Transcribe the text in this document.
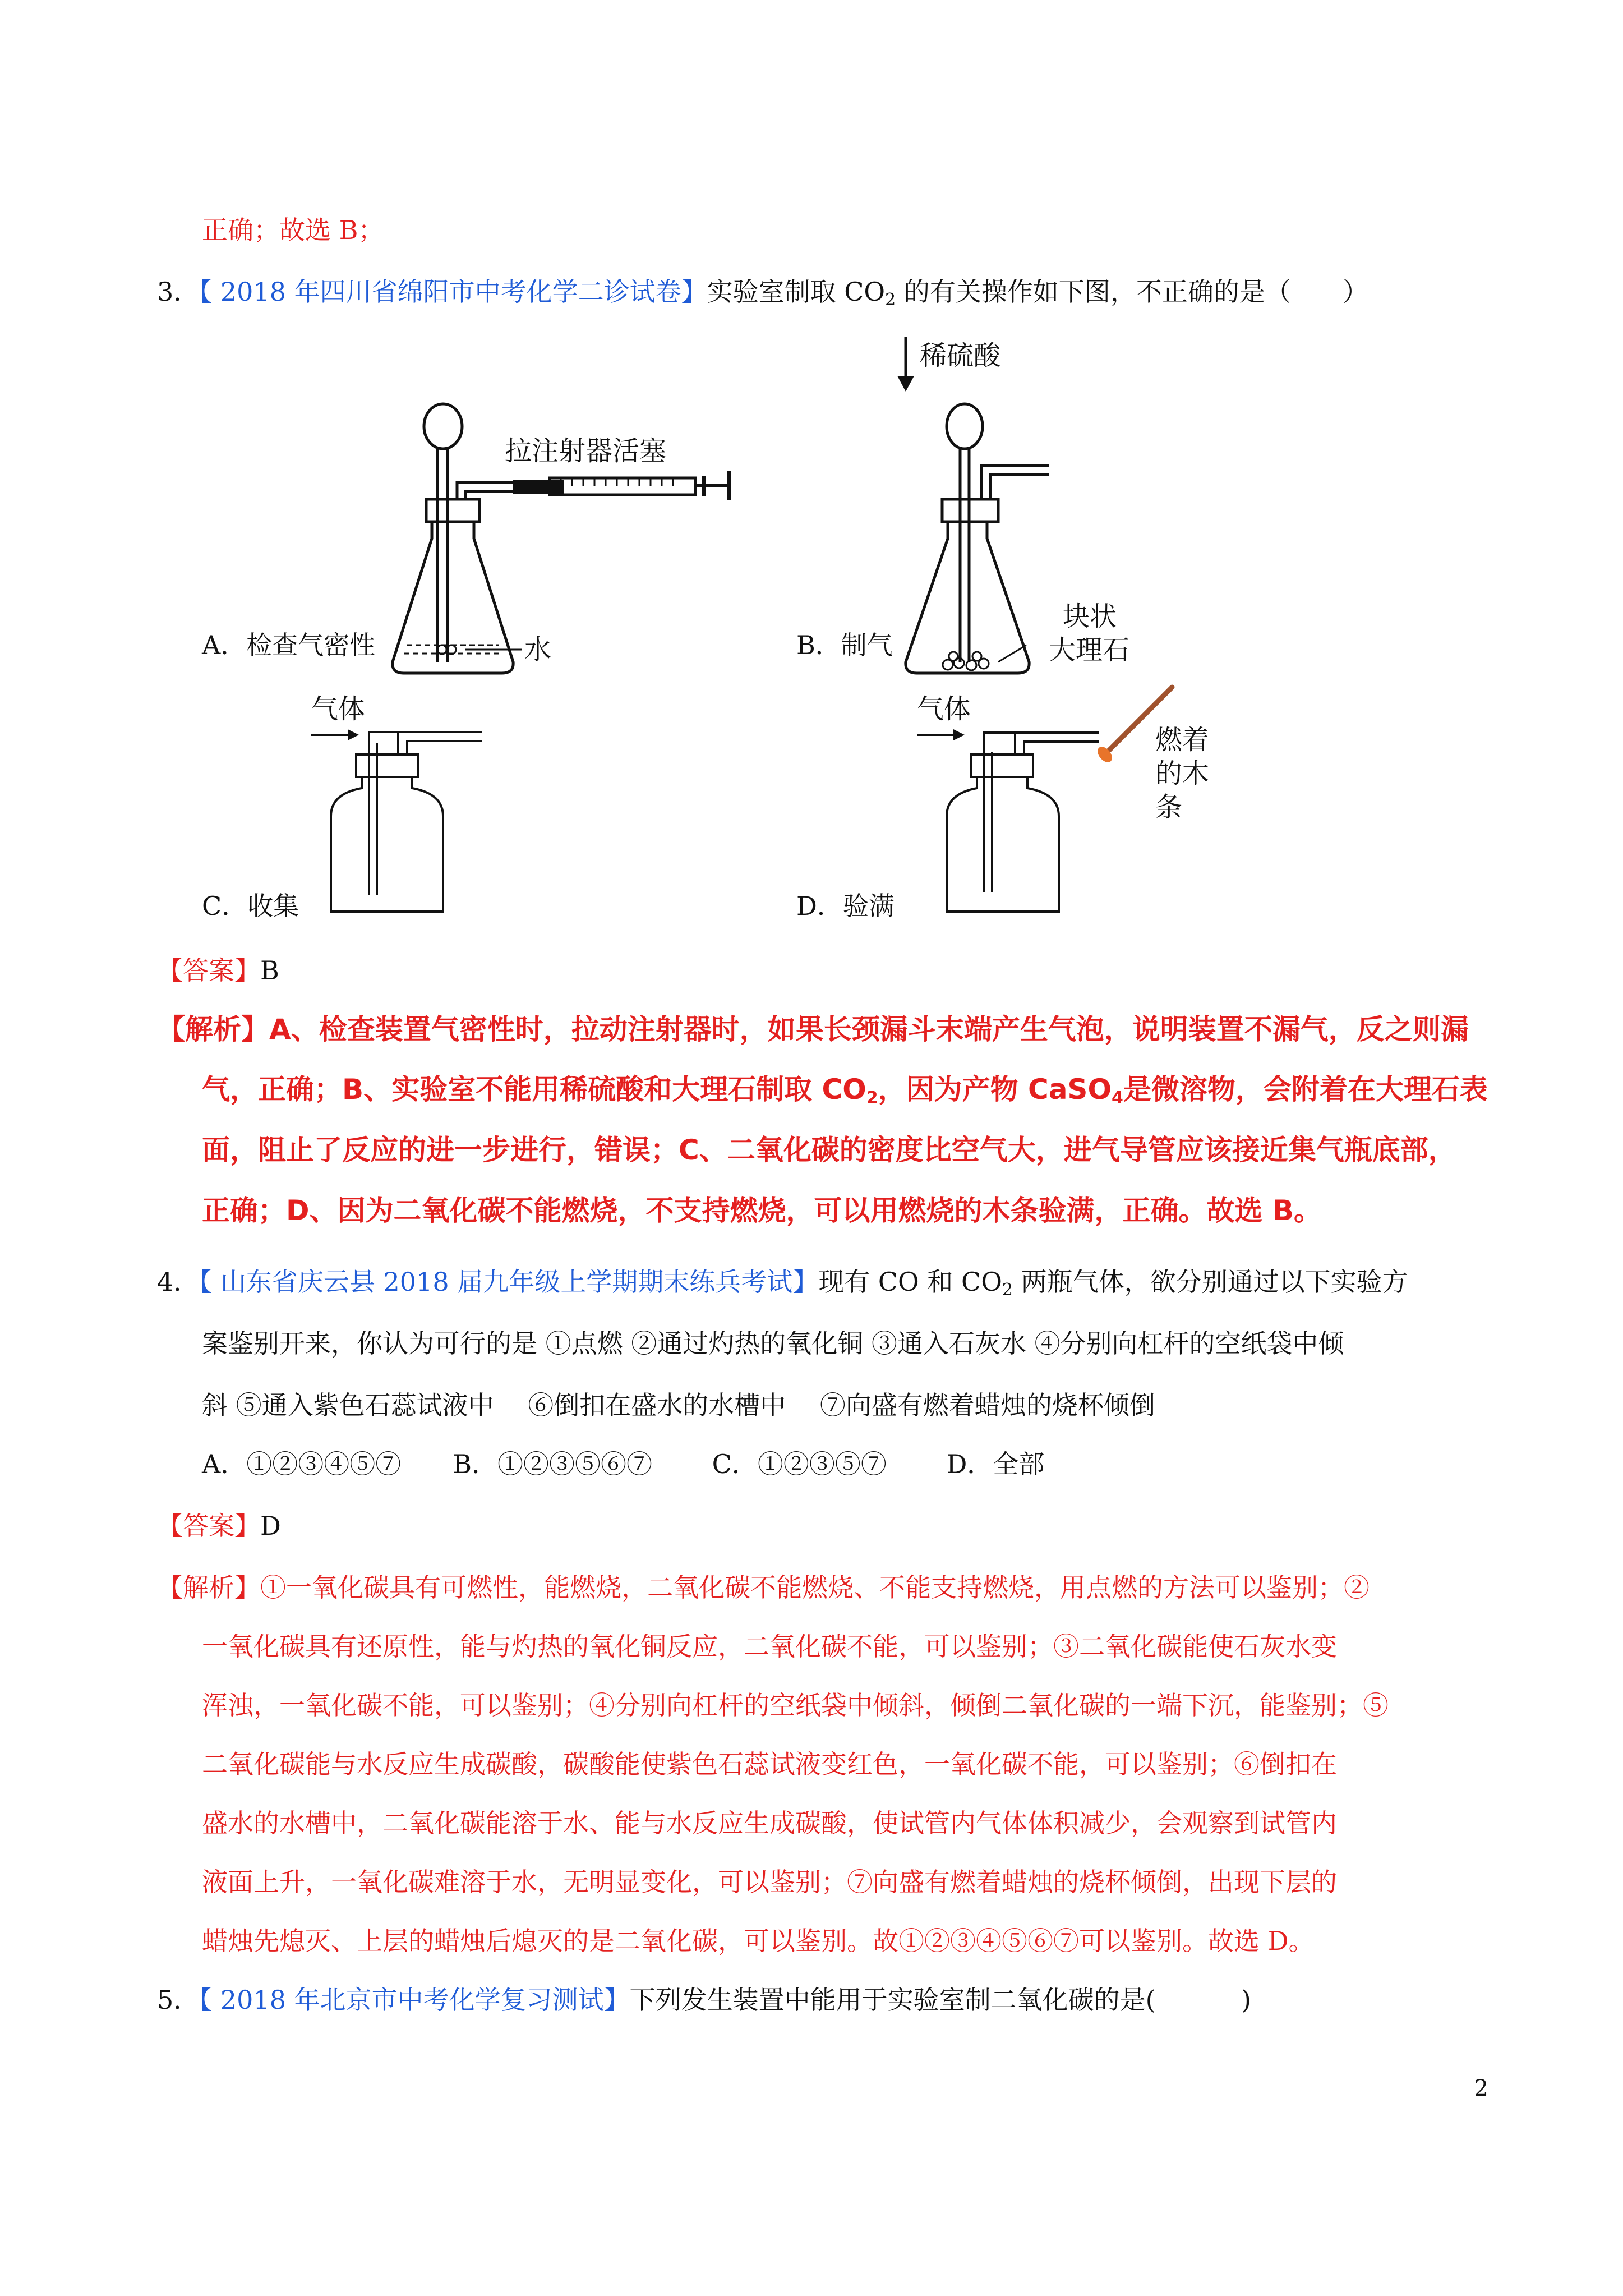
正确；故选 B；
3．【 2018 年四川省绵阳市中考化学二诊试卷】实验室制取 $CO_2$ 的有关操作如下图，不正确的是（　　）
拉注射器活塞
水
A．检查气密性
稀硫酸
块状
大理石
B．制气
气体
C．收集
气体
燃着
的木
条
D．验满
【答案】B
【解析】A、检查装置气密性时，拉动注射器时，如果长颈漏斗末端产生气泡，说明装置不漏气，反之则漏
气，正确；B、实验室不能用稀硫酸和大理石制取 $CO_2$，因为产物 CaSO$_4$是微溶物，会附着在大理石表
面，阻止了反应的进一步进行，错误；C、二氧化碳的密度比空气大，进气导管应该接近集气瓶底部，
正确；D、因为二氧化碳不能燃烧，不支持燃烧，可以用燃烧的木条验满，正确。故选 B。
4．【 山东省庆云县 2018 届九年级上学期期末练兵考试】现有 CO 和 $CO_2$ 两瓶气体，欲分别通过以下实验方
案鉴别开来，你认为可行的是 ①点燃 ②通过灼热的氧化铜 ③通入石灰水 ④分别向杠杆的空纸袋中倾
斜 ⑤通入紫色石蕊试液中　 ⑥倒扣在盛水的水槽中　 ⑦向盛有燃着蜡烛的烧杯倾倒
A．①②③④⑤⑦　　B．①②③⑤⑥⑦　　 C．①②③⑤⑦　　 D．全部
【答案】D
【解析】①一氧化碳具有可燃性，能燃烧，二氧化碳不能燃烧、不能支持燃烧，用点燃的方法可以鉴别；②
一氧化碳具有还原性，能与灼热的氧化铜反应，二氧化碳不能，可以鉴别；③二氧化碳能使石灰水变
浑浊，一氧化碳不能，可以鉴别；④分别向杠杆的空纸袋中倾斜，倾倒二氧化碳的一端下沉，能鉴别；⑤
二氧化碳能与水反应生成碳酸，碳酸能使紫色石蕊试液变红色，一氧化碳不能，可以鉴别；⑥倒扣在
盛水的水槽中，二氧化碳能溶于水、能与水反应生成碳酸，使试管内气体体积减少，会观察到试管内
液面上升，一氧化碳难溶于水，无明显变化，可以鉴别；⑦向盛有燃着蜡烛的烧杯倾倒，出现下层的
蜡烛先熄灭、上层的蜡烛后熄灭的是二氧化碳，可以鉴别。故①②③④⑤⑥⑦可以鉴别。故选 D。
5．【 2018 年北京市中考化学复习测试】下列发生装置中能用于实验室制二氧化碳的是(　　　 )
2
